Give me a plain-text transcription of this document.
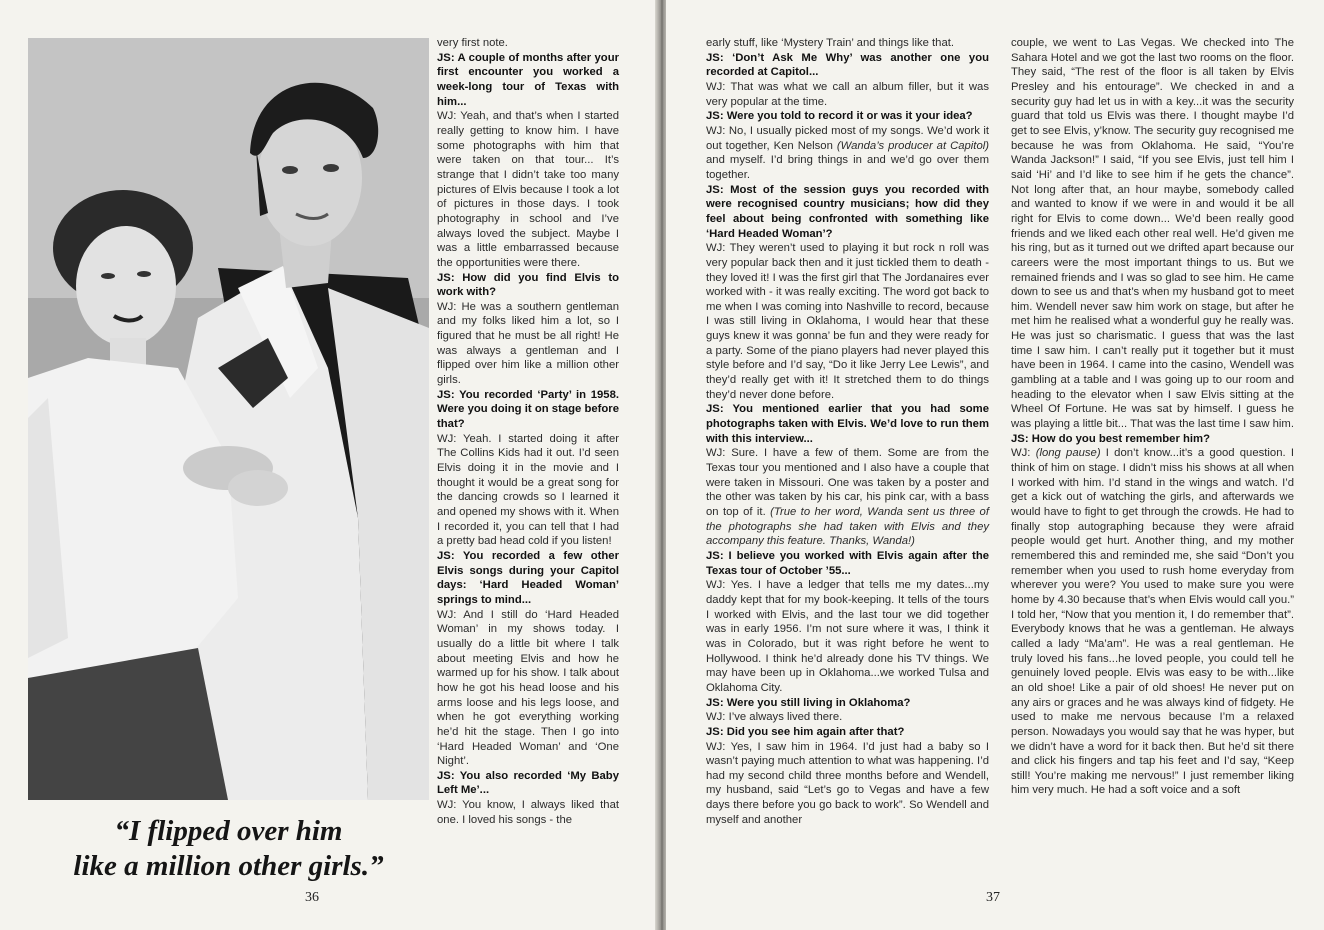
very first note.

JS: A couple of months after your first encounter you worked a week-long tour of Texas with him...

WJ: Yeah, and that’s when I started really getting to know him. I have some photographs with him that were taken on that tour... It’s strange that I didn’t take too many pictures of Elvis because I took a lot of pictures in those days. I took photography in school and I’ve always loved the subject. Maybe I was a little embarrassed because the opportunities were there.

JS: How did you find Elvis to work with?

WJ: He was a southern gentleman and my folks liked him a lot, so I figured that he must be all right! He was always a gentleman and I flipped over him like a million other girls.

JS: You recorded ‘Party’ in 1958. Were you doing it on stage before that?

WJ: Yeah. I started doing it after The Collins Kids had it out. I’d seen Elvis doing it in the movie and I thought it would be a great song for the dancing crowds so I learned it and opened my shows with it. When I recorded it, you can tell that I had a pretty bad head cold if you listen!

JS: You recorded a few other Elvis songs during your Capitol days: ‘Hard Headed Woman’ springs to mind...

WJ: And I still do ‘Hard Headed Woman’ in my shows today. I usually do a little bit where I talk about meeting Elvis and how he warmed up for his show. I talk about how he got his head loose and his arms loose and his legs loose, and when he got everything working he’d hit the stage. Then I go into ‘Hard Headed Woman’ and ‘One Night’.

JS: You also recorded ‘My Baby Left Me’...

WJ: You know, I always liked that one. I loved his songs - the

“I flipped over him
like a million other girls.”
36

early stuff, like ‘Mystery Train’ and things like that.

JS: ‘Don’t Ask Me Why’ was another one you recorded at Capitol...

WJ: That was what we call an album filler, but it was very popular at the time.

JS: Were you told to record it or was it your idea?

WJ: No, I usually picked most of my songs. We’d work it out together, Ken Nelson (Wanda’s producer at Capitol) and myself. I’d bring things in and we’d go over them together.

JS: Most of the session guys you recorded with were recognised country musicians; how did they feel about being confronted with something like ‘Hard Headed Woman’?

WJ: They weren’t used to playing it but rock n roll was very popular back then and it just tickled them to death - they loved it! I was the first girl that The Jordanaires ever worked with - it was really exciting. The word got back to me when I was coming into Nashville to record, because I was still living in Oklahoma, I would hear that these guys knew it was gonna’ be fun and they were ready for a party. Some of the piano players had never played this style before and I’d say, “Do it like Jerry Lee Lewis”, and they’d really get with it! It stretched them to do things they’d never done before.

JS: You mentioned earlier that you had some photographs taken with Elvis. We’d love to run them with this interview...

WJ: Sure. I have a few of them. Some are from the Texas tour you mentioned and I also have a couple that were taken in Missouri. One was taken by a poster and the other was taken by his car, his pink car, with a bass on top of it. (True to her word, Wanda sent us three of the photographs she had taken with Elvis and they accompany this feature. Thanks, Wanda!)

JS: I believe you worked with Elvis again after the Texas tour of October ’55...

WJ: Yes. I have a ledger that tells me my dates...my daddy kept that for my book-keeping. It tells of the tours I worked with Elvis, and the last tour we did together was in early 1956. I’m not sure where it was, I think it was in Colorado, but it was right before he went to Hollywood. I think he’d already done his TV things. We may have been up in Oklahoma...we worked Tulsa and Oklahoma City.

JS: Were you still living in Oklahoma?

WJ: I’ve always lived there.

JS: Did you see him again after that?

WJ: Yes, I saw him in 1964. I’d just had a baby so I wasn’t paying much attention to what was happening. I’d had my second child three months before and Wendell, my husband, said “Let’s go to Vegas and have a few days there before you go back to work”. So Wendell and myself and another

couple, we went to Las Vegas. We checked into The Sahara Hotel and we got the last two rooms on the floor. They said, “The rest of the floor is all taken by Elvis Presley and his entourage”. We checked in and a security guy had let us in with a key...it was the security guard that told us Elvis was there. I thought maybe I’d get to see Elvis, y’know. The security guy recognised me because he was from Oklahoma. He said, “You’re Wanda Jackson!” I said, “If you see Elvis, just tell him I said ‘Hi’ and I’d like to see him if he gets the chance”. Not long after that, an hour maybe, somebody called and wanted to know if we were in and would it be all right for Elvis to come down... We’d been really good friends and we liked each other real well. He’d given me his ring, but as it turned out we drifted apart because our careers were the most important things to us. But we remained friends and I was so glad to see him. He came down to see us and that’s when my husband got to meet him. Wendell never saw him work on stage, but after he met him he realised what a wonderful guy he really was. He was just so charismatic. I guess that was the last time I saw him. I can’t really put it together but it must have been in 1964. I came into the casino, Wendell was gambling at a table and I was going up to our room and heading to the elevator when I saw Elvis sitting at the Wheel Of Fortune. He was sat by himself. I guess he was playing a little bit... That was the last time I saw him.

JS: How do you best remember him?

WJ: (long pause) I don’t know...it’s a good question. I think of him on stage. I didn’t miss his shows at all when I worked with him. I’d stand in the wings and watch. I’d get a kick out of watching the girls, and afterwards we would have to fight to get through the crowds. He had to finally stop autographing because they were afraid people would get hurt. Another thing, and my mother remembered this and reminded me, she said “Don’t you remember when you used to rush home everyday from wherever you were? You used to make sure you were home by 4.30 because that’s when Elvis would call you.” I told her, “Now that you mention it, I do remember that”. Everybody knows that he was a gentleman. He always called a lady “Ma’am”. He was a real gentleman. He truly loved his fans...he loved people, you could tell he genuinely loved people. Elvis was easy to be with...like an old shoe! Like a pair of old shoes! He never put on any airs or graces and he was always kind of fidgety. He used to make me nervous because I’m a relaxed person. Nowadays you would say that he was hyper, but we didn’t have a word for it back then. But he’d sit there and click his fingers and tap his feet and I’d say, “Keep still! You’re making me nervous!” I just remember liking him very much. He had a soft voice and a soft

37
